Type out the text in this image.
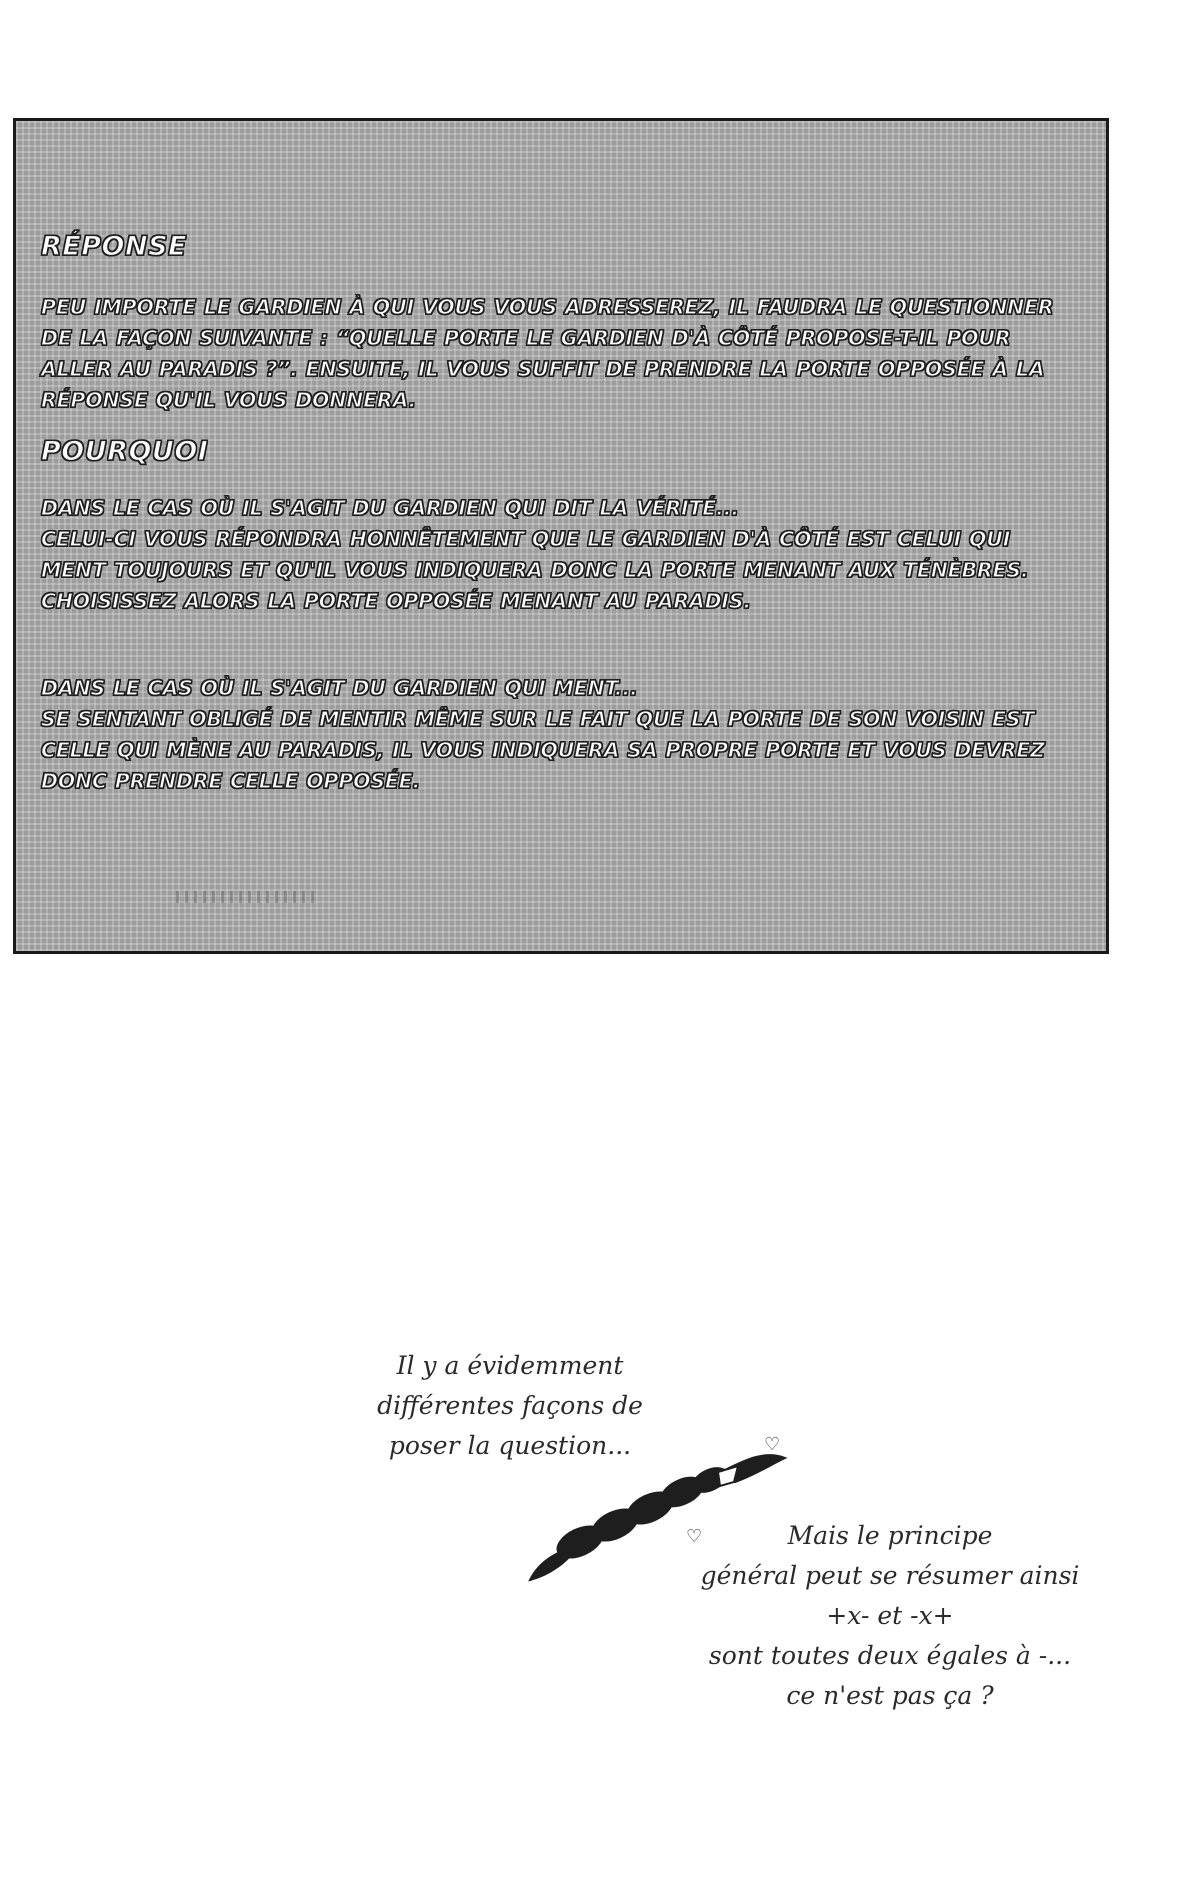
RÉPONSE

PEU IMPORTE LE GARDIEN À QUI VOUS VOUS ADRESSEREZ, IL FAUDRA LE QUESTIONNER DE LA FAÇON SUIVANTE : “QUELLE PORTE LE GARDIEN D'À CÔTÉ PROPOSE-T-IL POUR ALLER AU PARADIS ?”. ENSUITE, IL VOUS SUFFIT DE PRENDRE LA PORTE OPPOSÉE À LA RÉPONSE QU'IL VOUS DONNERA.

POURQUOI

DANS LE CAS OÙ IL S'AGIT DU GARDIEN QUI DIT LA VÉRITÉ...

CELUI-CI VOUS RÉPONDRA HONNÊTEMENT QUE LE GARDIEN D'À CÔTÉ EST CELUI QUI MENT TOUJOURS ET QU'IL VOUS INDIQUERA DONC LA PORTE MENANT AUX TÉNÈBRES. CHOISISSEZ ALORS LA PORTE OPPOSÉE MENANT AU PARADIS.

DANS LE CAS OÙ IL S'AGIT DU GARDIEN QUI MENT...

SE SENTANT OBLIGÉ DE MENTIR MÊME SUR LE FAIT QUE LA PORTE DE SON VOISIN EST CELLE QUI MÈNE AU PARADIS, IL VOUS INDIQUERA SA PROPRE PORTE ET VOUS DEVREZ DONC PRENDRE CELLE OPPOSÉE.

Il y a évidemment
différentes façons de
poser la question...	♡
♡	Mais le principe
général peut se résumer ainsi
+x- et -x+
sont toutes deux égales à -...
ce n'est pas ça ?
